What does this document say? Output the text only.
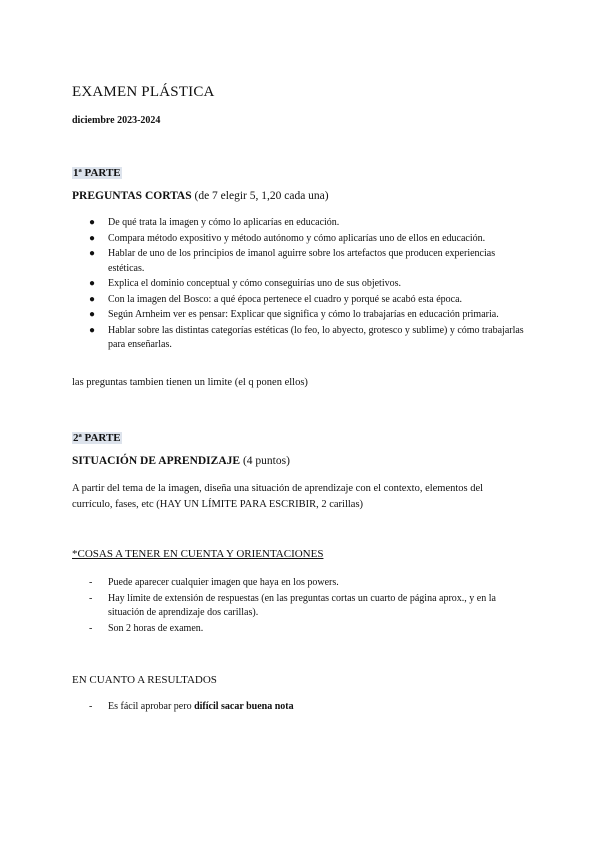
EXAMEN PLÁSTICA
diciembre 2023-2024
1ª PARTE
PREGUNTAS CORTAS (de 7 elegir 5, 1,20 cada una)
● De qué trata la imagen y cómo lo aplicarías en educación.
● Compara método expositivo y método autónomo y cómo aplicarías uno de ellos en educación.
● Hablar de uno de los principios de imanol aguirre sobre los artefactos que producen experiencias estéticas.
● Explica el dominio conceptual y cómo conseguirías uno de sus objetivos.
● Con la imagen del Bosco: a qué época pertenece el cuadro y porqué se acabó esta época.
● Según Arnheim ver es pensar: Explicar que significa y cómo lo trabajarías en educación primaria.
● Hablar sobre las distintas categorías estéticas (lo feo, lo abyecto, grotesco y sublime) y cómo trabajarlas para enseñarlas.
las preguntas tambien tienen un limite (el q ponen ellos)
2ª PARTE
SITUACIÓN DE APRENDIZAJE (4 puntos)
A partir del tema de la imagen, diseña una situación de aprendizaje con el contexto, elementos del currículo, fases, etc (HAY UN LÍMITE PARA ESCRIBIR, 2 carillas)
*COSAS A TENER EN CUENTA Y ORIENTACIONES
- Puede aparecer cualquier imagen que haya en los powers.
- Hay límite de extensión de respuestas (en las preguntas cortas un cuarto de página aprox., y en la situación de aprendizaje dos carillas).
- Son 2 horas de examen.
EN CUANTO A RESULTADOS
- Es fácil aprobar pero difícil sacar buena nota
